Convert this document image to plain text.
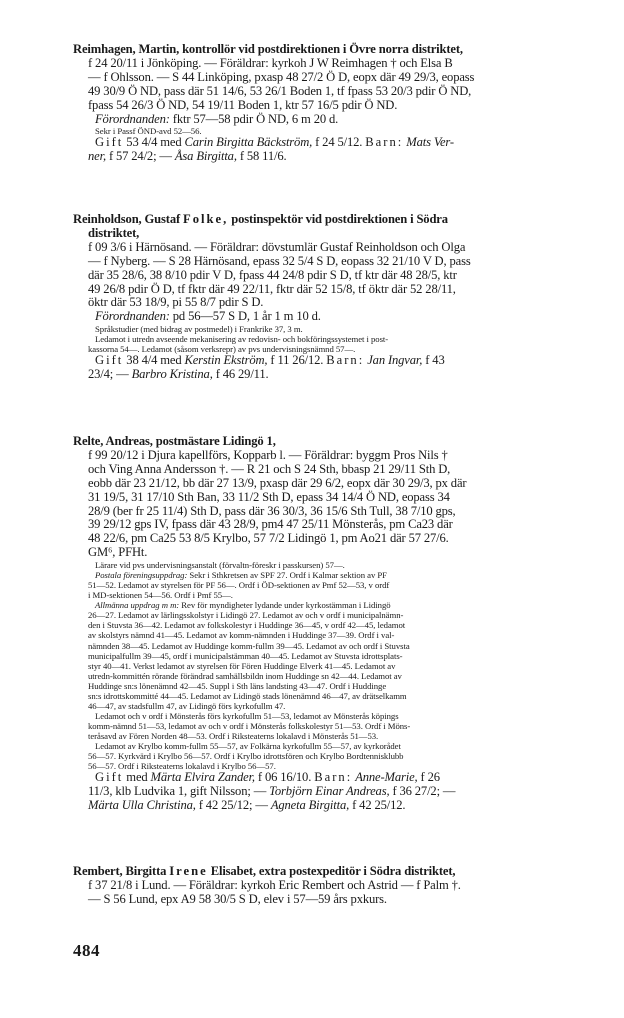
Reimhagen, Martin, kontrollör vid postdirektionen i Övre norra distriktet,
f 24 20/11 i Jönköping. — Föräldrar: kyrkoh J W Reimhagen † och Elsa B
— f Ohlsson. — S 44 Linköping, pxasp 48 27/2 Ö D, eopx där 49 29/3, eopass
49 30/9 Ö ND, pass där 51 14/6, 53 26/1 Boden 1, tf fpass 53 20/3 pdir Ö ND,
fpass 54 26/3 Ö ND, 54 19/11 Boden 1, ktr 57 16/5 pdir Ö ND.
Förordnanden: fktr 57—58 pdir Ö ND, 6 m 20 d.
Sekr i Passf ÖND-avd 52—56.
Gift 53 4/4 med Carin Birgitta Bäckström, f 24 5/12. Barn: Mats Ver-
ner, f 57 24/2; — Åsa Birgitta, f 58 11/6.
Reinholdson, Gustaf Folke, postinspektör vid postdirektionen i Södra
distriktet,
f 09 3/6 i Härnösand. — Föräldrar: dövstumlär Gustaf Reinholdson och Olga
— f Nyberg. — S 28 Härnösand, epass 32 5/4 S D, eopass 32 21/10 V D, pass
där 35 28/6, 38 8/10 pdir V D, fpass 44 24/8 pdir S D, tf ktr där 48 28/5, ktr
49 26/8 pdir Ö D, tf fktr där 49 22/11, fktr där 52 15/8, tf öktr där 52 28/11,
öktr där 53 18/9, pi 55 8/7 pdir S D.
Förordnanden: pd 56—57 S D, 1 år 1 m 10 d.
Språkstudier (med bidrag av postmedel) i Frankrike 37, 3 m.
Ledamot i utredn avseende mekanisering av redovisn- och bokföringssystemet i post-
kassorna 54—. Ledamot (såsom verksrepr) av pvs undervisningsnämnd 57—.
Gift 38 4/4 med Kerstin Ekström, f 11 26/12. Barn: Jan Ingvar, f 43
23/4; — Barbro Kristina, f 46 29/11.
Relte, Andreas, postmästare Lidingö 1,
f 99 20/12 i Djura kapellförs, Kopparb l. — Föräldrar: byggm Pros Nils †
och Ving Anna Andersson †. — R 21 och S 24 Sth, bbasp 21 29/11 Sth D,
eobb där 23 21/12, bb där 27 13/9, pxasp där 29 6/2, eopx där 30 29/3, px där
31 19/5, 31 17/10 Sth Ban, 33 11/2 Sth D, epass 34 14/4 Ö ND, eopass 34
28/9 (ber fr 25 11/4) Sth D, pass där 36 30/3, 36 15/6 Sth Tull, 38 7/10 gps,
39 29/12 gps IV, fpass där 43 28/9, pm4 47 25/11 Mönsterås, pm Ca23 där
48 22/6, pm Ca25 53 8/5 Krylbo, 57 7/2 Lidingö 1, pm Ao21 där 57 27/6.
GM⁶, PFHt.
Lärare vid pvs undervisningsanstalt (förvaltn-föreskr i passkursen) 57—.
Postala föreningsuppdrag: Sekr i Sthkretsen av SPF 27. Ordf i Kalmar sektion av PF
51—52. Ledamot av styrelsen för PF 56—. Ordf i ÖD-sektionen av Pmf 52—53, v ordf
i MD-sektionen 54—56. Ordf i Pmf 55—.
Allmänna uppdrag m m: Rev för myndigheter lydande under kyrkostämman i Lidingö
26—27. Ledamot av lärlingsskolstyr i Lidingö 27. Ledamot av och v ordf i municipalnämn-
den i Stuvsta 36—42. Ledamot av folkskolestyr i Huddinge 36—45, v ordf 42—45, ledamot
av skolstyrs nämnd 41—45. Ledamot av komm-nämnden i Huddinge 37—39. Ordf i val-
nämnden 38—45. Ledamot av Huddinge komm-fullm 39—45. Ledamot av och ordf i Stuvsta
municipalfullm 39—45, ordf i municipalstämman 40—45. Ledamot av Stuvsta idrottsplats-
styr 40—41. Verkst ledamot av styrelsen för Fören Huddinge Elverk 41—45. Ledamot av
utredn-kommittén rörande förändrad samhällsbildn inom Huddinge sn 42—44. Ledamot av
Huddinge sn:s lönenämnd 42—45. Suppl i Sth läns landsting 43—47. Ordf i Huddinge
sn:s idrottskommitté 44—45. Ledamot av Lidingö stads lönenämnd 46—47, av drätselkamm
46—47, av stadsfullm 47, av Lidingö förs kyrkofullm 47.
Ledamot och v ordf i Mönsterås förs kyrkofullm 51—53, ledamot av Mönsterås köpings
komm-nämnd 51—53, ledamot av och v ordf i Mönsterås folkskolestyr 51—53. Ordf i Möns-
teråsavd av Fören Norden 48—53. Ordf i Riksteaterns lokalavd i Mönsterås 51—53.
Ledamot av Krylbo komm-fullm 55—57, av Folkärna kyrkofullm 55—57, av kyrkorådet
56—57. Kyrkvärd i Krylbo 56—57. Ordf i Krylbo idrottsfören och Krylbo Bordtennisklubb
56—57. Ordf i Riksteaterns lokalavd i Krylbo 56—57.
Gift med Märta Elvira Zander, f 06 16/10. Barn: Anne-Marie, f 26
11/3, klb Ludvika 1, gift Nilsson; — Torbjörn Einar Andreas, f 36 27/2; —
Märta Ulla Christina, f 42 25/12; — Agneta Birgitta, f 42 25/12.
Rembert, Birgitta Irene Elisabet, extra postexpeditör i Södra distriktet,
f 37 21/8 i Lund. — Föräldrar: kyrkoh Eric Rembert och Astrid — f Palm †.
— S 56 Lund, epx A9 58 30/5 S D, elev i 57—59 års pxkurs.
484
